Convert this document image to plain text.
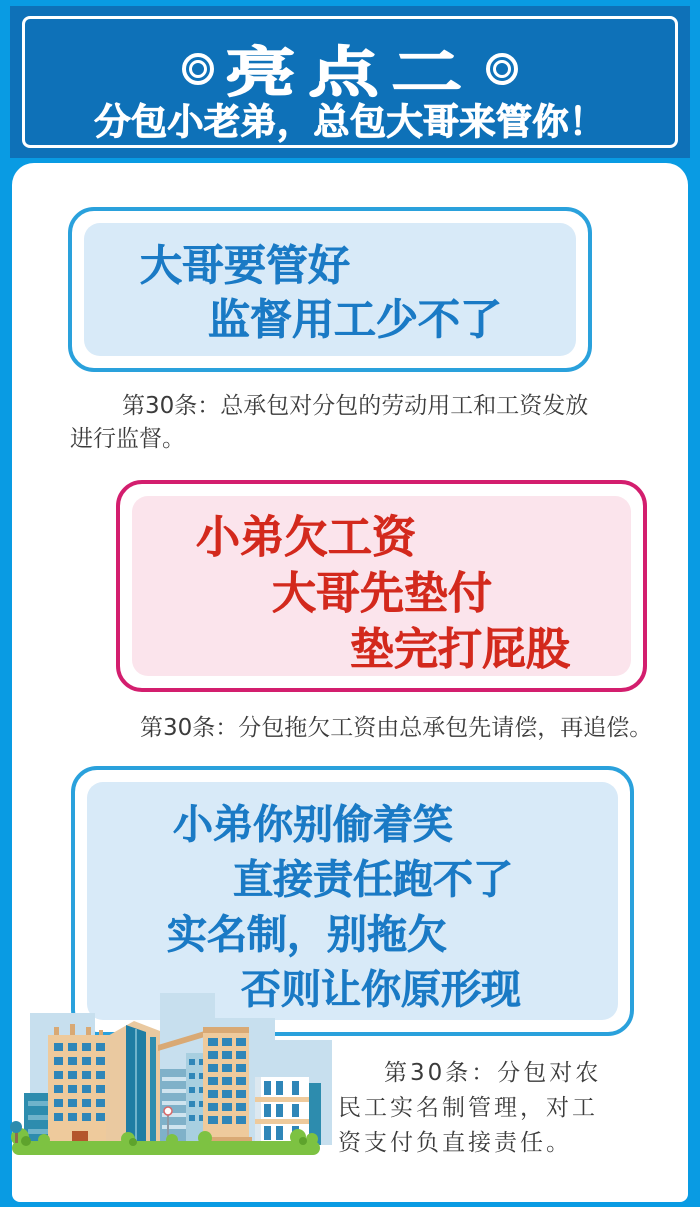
亮点二
分包小老弟，总包大哥来管你！
大哥要管好
监督用工少不了
小弟欠工资
大哥先垫付
垫完打屁股
小弟你别偷着笑
直接责任跑不了
实名制，别拖欠
否则让你原形现
第30条：总承包对分包的劳动用工和工资发放
进行监督。
第30条：分包拖欠工资由总承包先请偿，再追偿。
第30条：分包对农
民工实名制管理，对工
资支付负直接责任。
